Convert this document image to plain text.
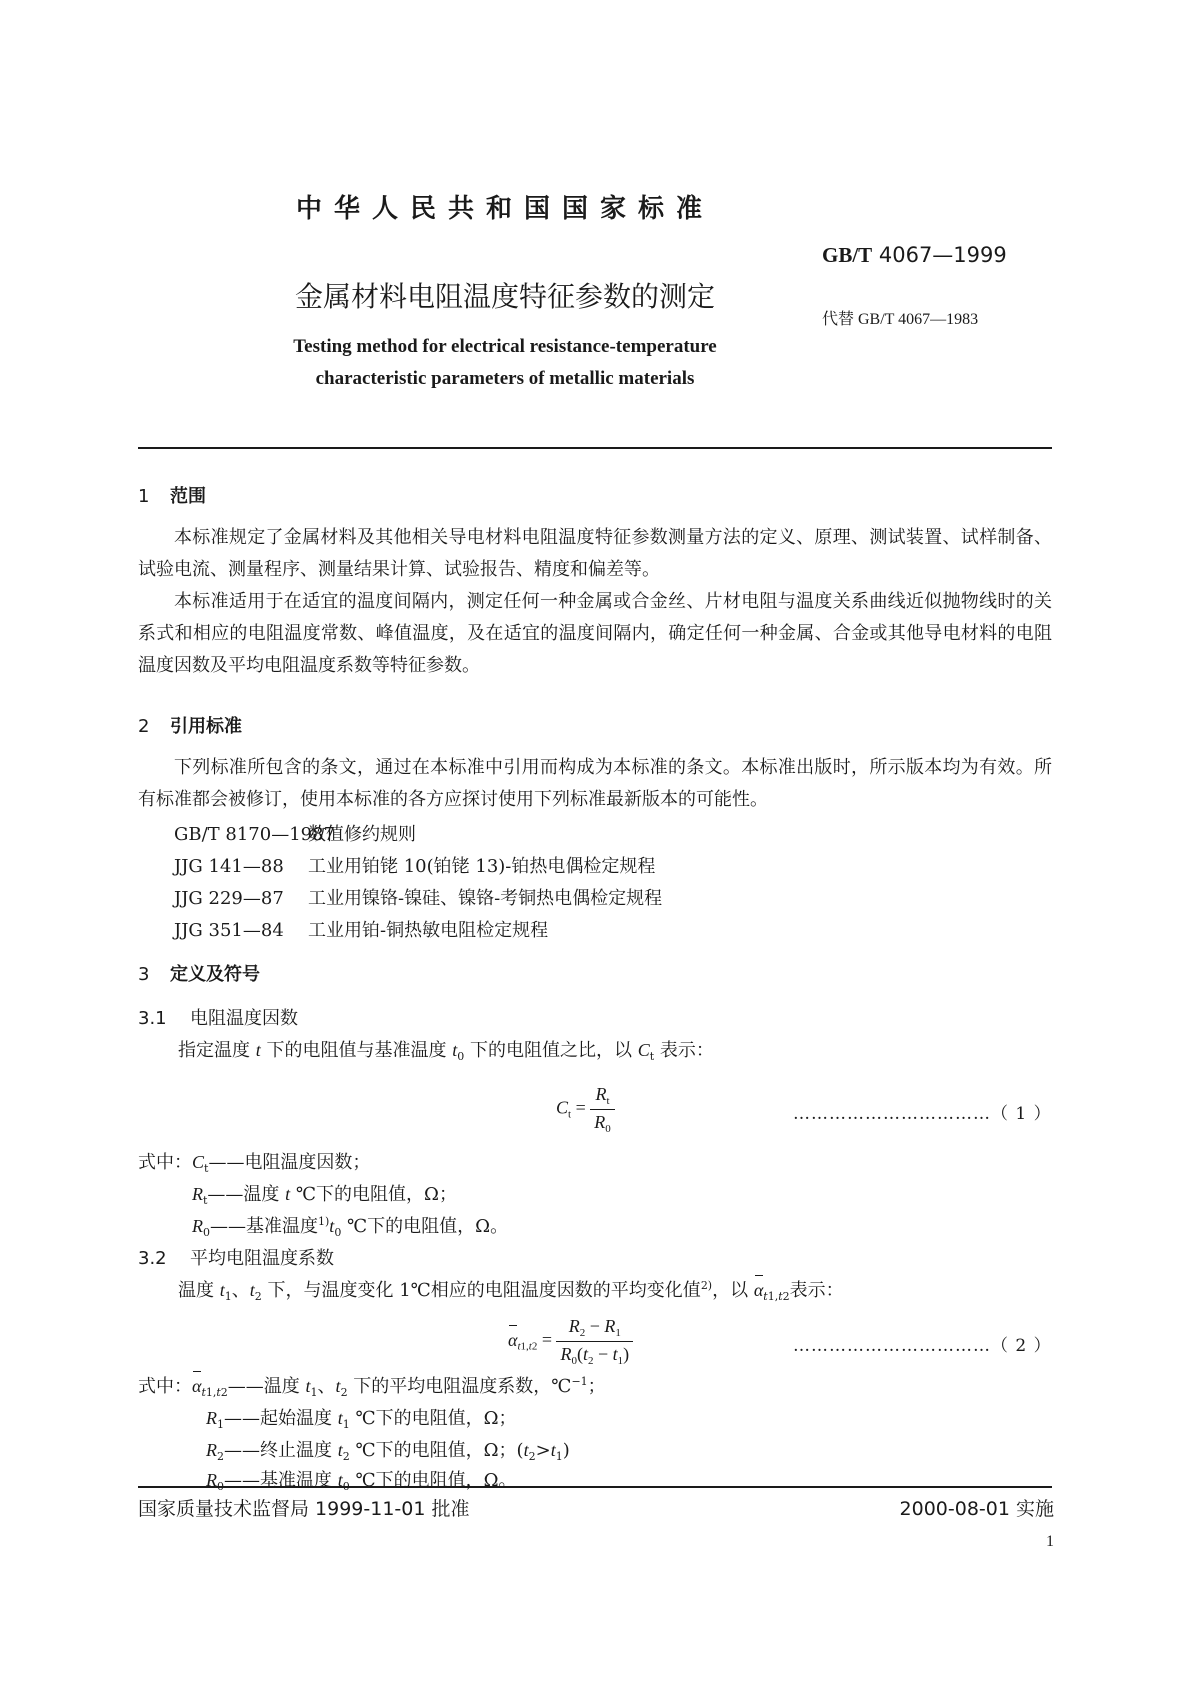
中华人民共和国国家标准
GB/T 4067—1999
金属材料电阻温度特征参数的测定
代替 GB/T 4067—1983
Testing method for electrical resistance-temperature
characteristic parameters of metallic materials
1 范围
本标准规定了金属材料及其他相关导电材料电阻温度特征参数测量方法的定义、原理、测试装置、试样制备、试验电流、测量程序、测量结果计算、试验报告、精度和偏差等。
本标准适用于在适宜的温度间隔内，测定任何一种金属或合金丝、片材电阻与温度关系曲线近似抛物线时的关系式和相应的电阻温度常数、峰值温度，及在适宜的温度间隔内，确定任何一种金属、合金或其他导电材料的电阻温度因数及平均电阻温度系数等特征参数。
2 引用标准
下列标准所包含的条文，通过在本标准中引用而构成为本标准的条文。本标准出版时，所示版本均为有效。所有标准都会被修订，使用本标准的各方应探讨使用下列标准最新版本的可能性。
GB/T 8170—1987数值修约规则
JJG 141—88 工业用铂铑 10(铂铑 13)-铂热电偶检定规程
JJG 229—87 工业用镍铬-镍硅、镍铬-考铜热电偶检定规程
JJG 351—84 工业用铂-铜热敏电阻检定规程
3 定义及符号
3.1 电阻温度因数
指定温度 t 下的电阻值与基准温度 $t_0$ 下的电阻值之比，以 $C_t$ 表示：
$C_t = \frac{R_t}{R_0}$	……………………………（ 1 ）
式中：$C_t——$电阻温度因数；
$R_t——$温度 t ℃下的电阻值，Ω；
$R_0——$基准温度$^{1)}t_0$ ℃下的电阻值，Ω。
3.2 平均电阻温度系数
温度 $t_1$、$t_2$ 下，与温度变化 1℃相应的电阻温度因数的平均变化值$^{2)}$，以 $\alpha_{t1,t2}$表示：
$\alpha_{t1,t2} = \frac{R_2 - R_1}{R_0(t_2 - t_1)}$	……………………………（ 2 ）
式中：$\alpha_{t1,t2}——$温度 $t_1$、$t_2$ 下的平均电阻温度系数，℃$^{-1}$；
$R_1——$起始温度 $t_1$ ℃下的电阻值，Ω；
$R_2——$终止温度 $t_2$ ℃下的电阻值，Ω；$(t_2>t_1)$
$R_0——$基准温度 $t_0$ ℃下的电阻值，Ω。
国家质量技术监督局 1999-11-01 批准	2000-08-01 实施
1
